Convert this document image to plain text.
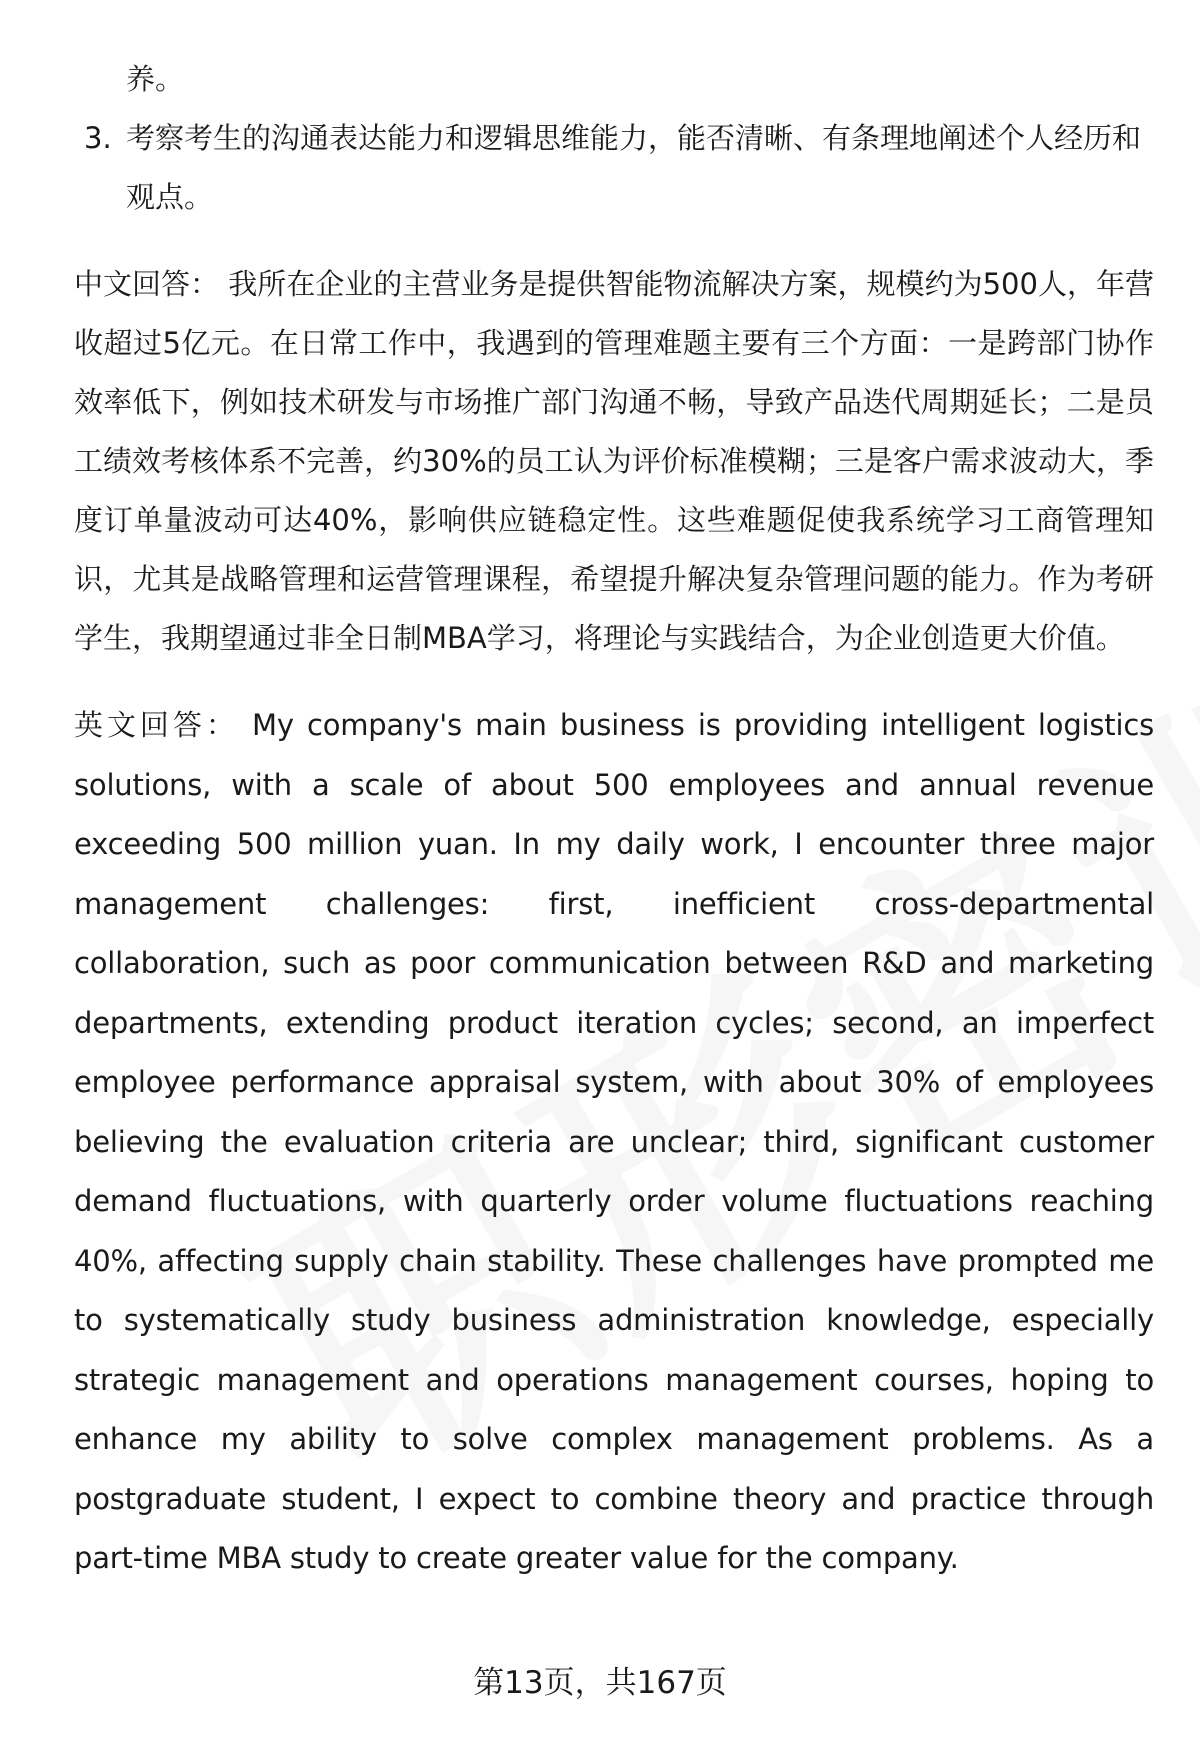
养。

3. 考察考生的沟通表达能力和逻辑思维能力，能否清晰、有条理地阐述个人经历和观点。

中文回答： 我所在企业的主营业务是提供智能物流解决方案，规模约为500人，年营收超过5亿元。在日常工作中，我遇到的管理难题主要有三个方面：一是跨部门协作效率低下，例如技术研发与市场推广部门沟通不畅，导致产品迭代周期延长；二是员工绩效考核体系不完善，约30%的员工认为评价标准模糊；三是客户需求波动大，季度订单量波动可达40%，影响供应链稳定性。这些难题促使我系统学习工商管理知识，尤其是战略管理和运营管理课程，希望提升解决复杂管理问题的能力。作为考研学生，我期望通过非全日制MBA学习，将理论与实践结合，为企业创造更大价值。

英文回答： My company's main business is providing intelligent logistics solutions, with a scale of about 500 employees and annual revenue exceeding 500 million yuan. In my daily work, I encounter three major management challenges: first, inefficient cross-departmental collaboration, such as poor communication between R&D and marketing departments, extending product iteration cycles; second, an imperfect employee performance appraisal system, with about 30% of employees believing the evaluation criteria are unclear; third, significant customer demand fluctuations, with quarterly order volume fluctuations reaching 40%, affecting supply chain stability. These challenges have prompted me to systematically study business administration knowledge, especially strategic management and operations management courses, hoping to enhance my ability to solve complex management problems. As a postgraduate student, I expect to combine theory and practice through part-time MBA study to create greater value for the company.

第13页，共167页
